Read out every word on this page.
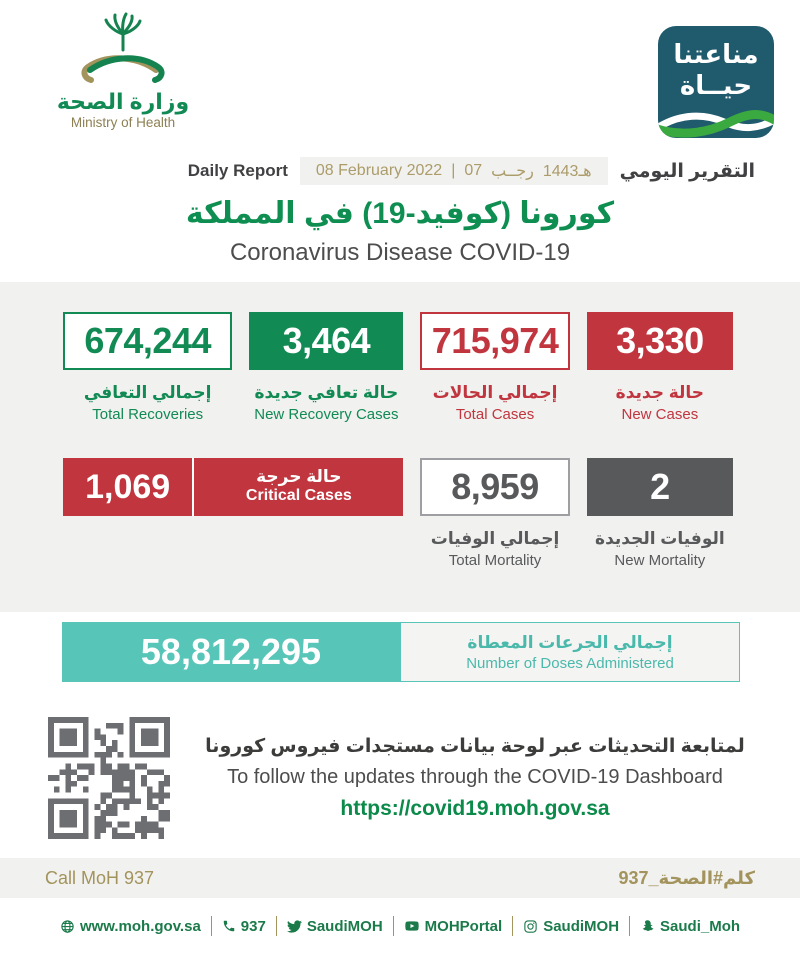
وزارة الصحة
Ministry of Health
مناعتنا
حيــاة
Daily Report 08 February 2022 | 07 رجــب 1443هـ التقرير اليومي
كورونا (كوفيد-19) في المملكة
Coronavirus Disease COVID-19
674,244
إجمالي التعافي
Total Recoveries
3,464
حالة تعافي جديدة
New Recovery Cases
715,974
إجمالي الحالات
Total Cases
3,330
حالة جديدة
New Cases
1,069	حالة حرجة
Critical Cases	8,959
إجمالي الوفيات
Total Mortality
2
الوفيات الجديدة
New Mortality
58,812,295	إجمالي الجرعات المعطاة
Number of Doses Administered
لمتابعة التحديثات عبر لوحة بيانات مستجدات فيروس كورونا
To follow the updates through the COVID-19 Dashboard
https://covid19.moh.gov.sa
Call MoH 937	كلم#الصحة_937
www.moh.gov.sa	937	SaudiMOH	MOHPortal	SaudiMOH	Saudi_Moh
